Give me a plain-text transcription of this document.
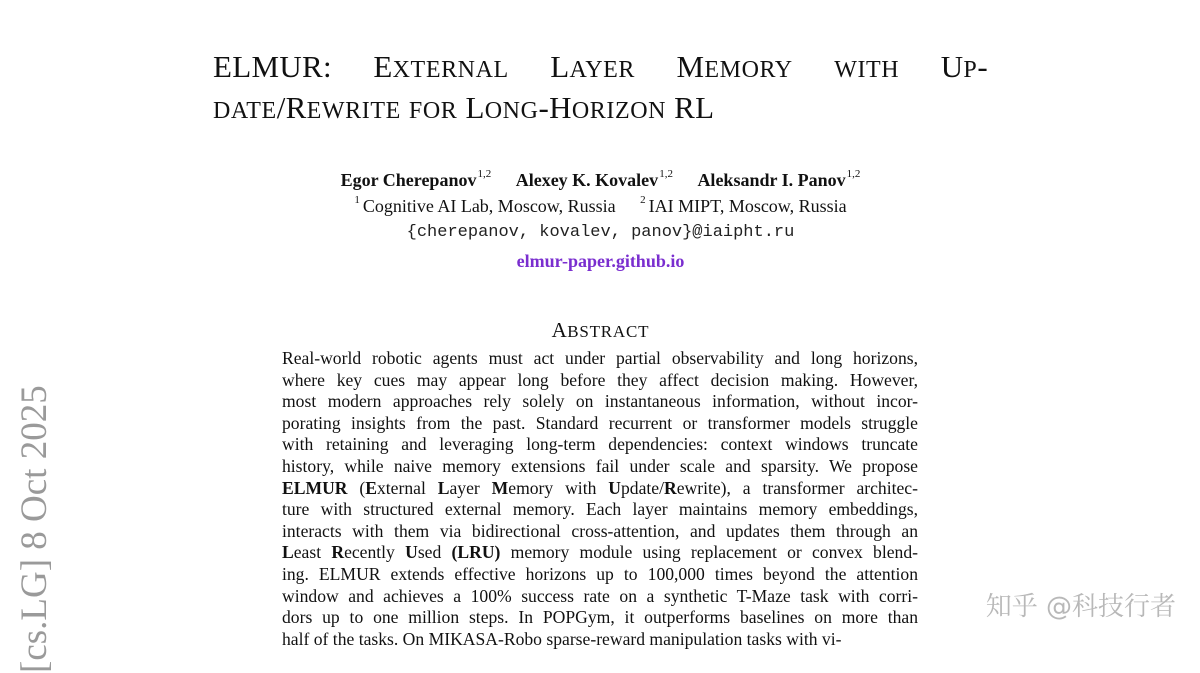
ELMUR: EXTERNAL LAYER MEMORY WITH UP-
DATE/REWRITE FOR LONG-HORIZON RL
Egor Cherepanov$^{1,2}$ Alexey K. Kovalev$^{1,2}$ Aleksandr I. Panov$^{1,2}$
$^1$ Cognitive AI Lab, Moscow, Russia $^2$ IAI MIPT, Moscow, Russia
{cherepanov, kovalev, panov}@iaipht.ru
elmur-paper.github.io
ABSTRACT
Real-world robotic agents must act under partial observability and long horizons,
where key cues may appear long before they affect decision making. However,
most modern approaches rely solely on instantaneous information, without incor-
porating insights from the past. Standard recurrent or transformer models struggle
with retaining and leveraging long-term dependencies: context windows truncate
history, while naive memory extensions fail under scale and sparsity. We propose
ELMUR (External Layer Memory with Update/Rewrite), a transformer architec-
ture with structured external memory. Each layer maintains memory embeddings,
interacts with them via bidirectional cross-attention, and updates them through an
Least Recently Used (LRU) memory module using replacement or convex blend-
ing. ELMUR extends effective horizons up to 100,000 times beyond the attention
window and achieves a 100% success rate on a synthetic T-Maze task with corri-
dors up to one million steps. In POPGym, it outperforms baselines on more than
half of the tasks. On MIKASA-Robo sparse-reward manipulation tasks with vi-
[cs.LG] 8 Oct 2025	知乎 @科技行者
